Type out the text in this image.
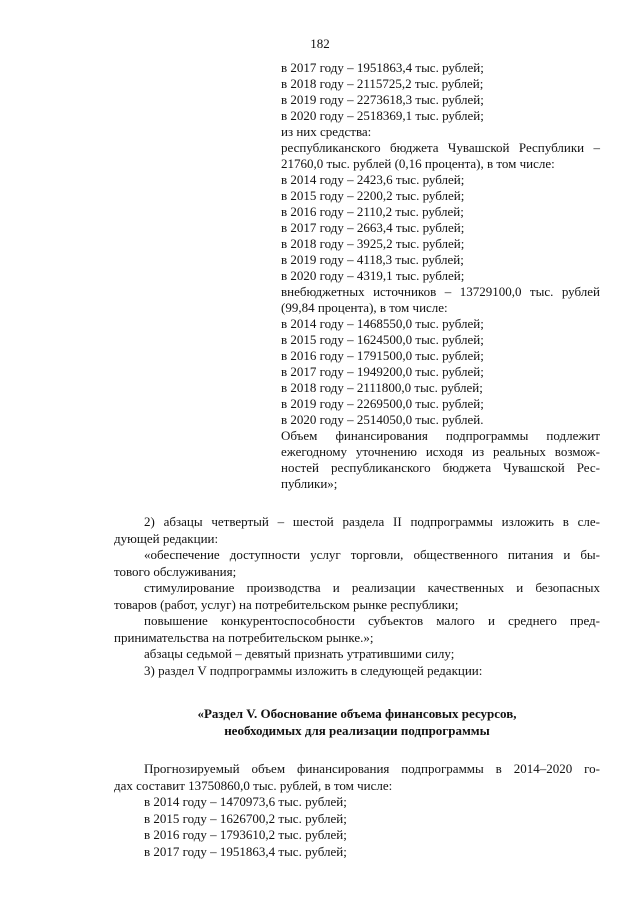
182
в 2017 году – 1951863,4 тыс. рублей;
в 2018 году – 2115725,2 тыс. рублей;
в 2019 году – 2273618,3 тыс. рублей;
в 2020 году – 2518369,1 тыс. рублей;
из них средства:
республиканского бюджета Чувашской Республики –
21760,0 тыс. рублей (0,16 процента), в том числе:
в 2014 году – 2423,6 тыс. рублей;
в 2015 году – 2200,2 тыс. рублей;
в 2016 году – 2110,2 тыс. рублей;
в 2017 году – 2663,4 тыс. рублей;
в 2018 году – 3925,2 тыс. рублей;
в 2019 году – 4118,3 тыс. рублей;
в 2020 году – 4319,1 тыс. рублей;
внебюджетных источников – 13729100,0 тыс. рублей
(99,84 процента), в том числе:
в 2014 году – 1468550,0 тыс. рублей;
в 2015 году – 1624500,0 тыс. рублей;
в 2016 году – 1791500,0 тыс. рублей;
в 2017 году – 1949200,0 тыс. рублей;
в 2018 году – 2111800,0 тыс. рублей;
в 2019 году – 2269500,0 тыс. рублей;
в 2020 году – 2514050,0 тыс. рублей.
Объем финансирования подпрограммы подлежит
ежегодному уточнению исходя из реальных возмож-
ностей республиканского бюджета Чувашской Рес-
публики»;
2) абзацы четвертый – шестой раздела II подпрограммы изложить в сле-
дующей редакции:
«обеспечение доступности услуг торговли, общественного питания и бы-
тового обслуживания;
стимулирование производства и реализации качественных и безопасных
товаров (работ, услуг) на потребительском рынке республики;
повышение конкурентоспособности субъектов малого и среднего пред-
принимательства на потребительском рынке.»;
абзацы седьмой – девятый признать утратившими силу;
3) раздел V подпрограммы изложить в следующей редакции:

«Раздел V. Обоснование объема финансовых ресурсов,

необходимых для реализации подпрограммы

Прогнозируемый объем финансирования подпрограммы в 2014–2020 го-
дах составит 13750860,0 тыс. рублей, в том числе:
в 2014 году – 1470973,6 тыс. рублей;
в 2015 году – 1626700,2 тыс. рублей;
в 2016 году – 1793610,2 тыс. рублей;
в 2017 году – 1951863,4 тыс. рублей;
